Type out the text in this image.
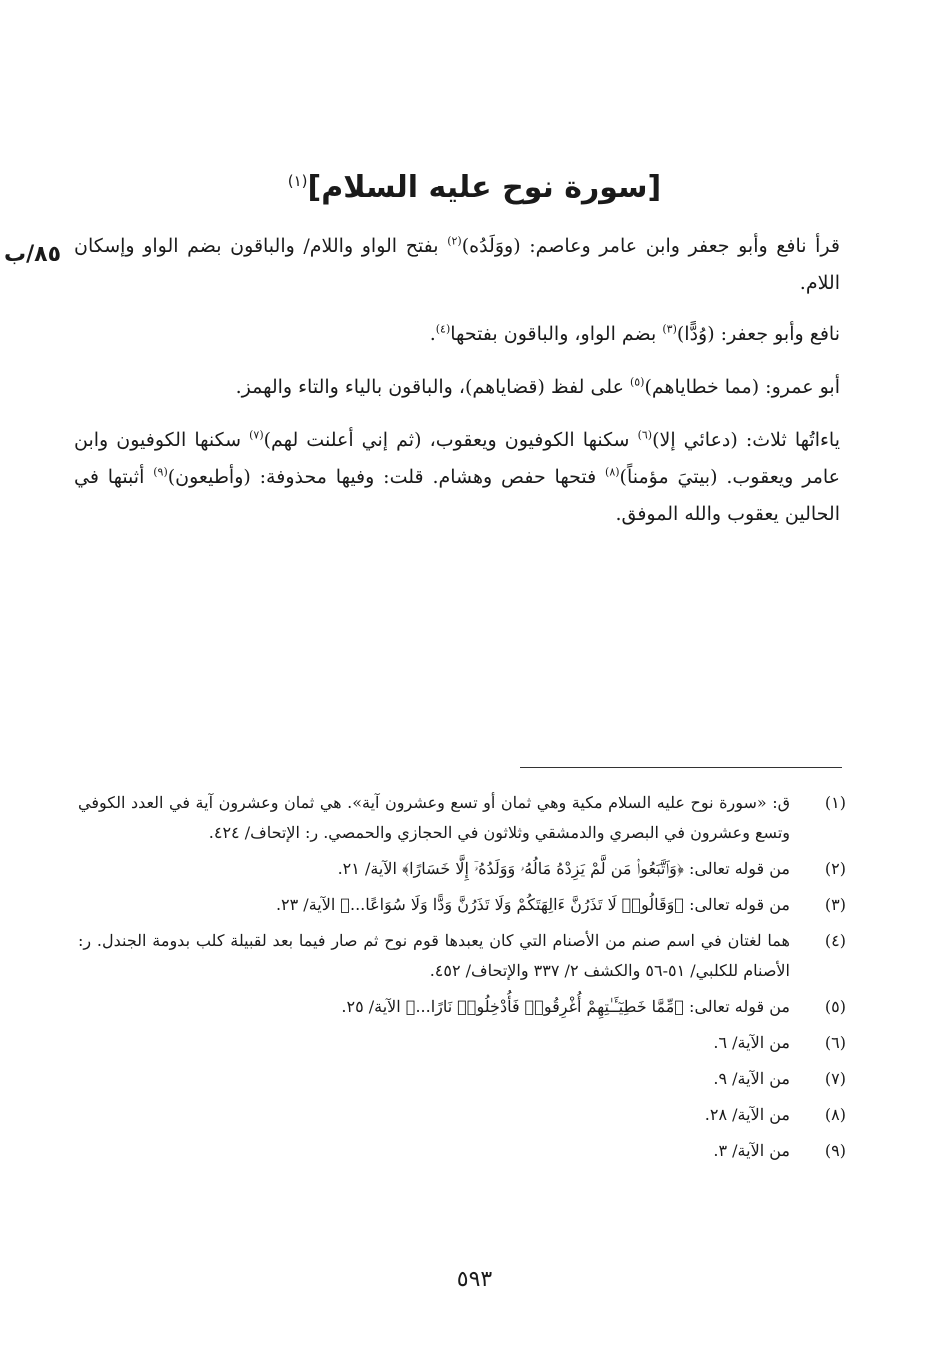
[سورة نوح عليه السلام]$^{(١)}$
٨٥/ب	قرأ نافع وأبو جعفر وابن عامر وعاصم: (ووَلَدُه)$^{(٢)}$ بفتح الواو واللام/ والباقون بضم الواو وإسكان اللام.

نافع وأبو جعفر: (وُدًّا)$^{(٣)}$ بضم الواو، والباقون بفتحها$^{(٤)}$.

أبو عمرو: (مما خطاياهم)$^{(٥)}$ على لفظ (قضاياهم)، والباقون بالياء والتاء والهمز.

ياءاتُها ثلاث: (دعائي إلا)$^{(٦)}$ سكنها الكوفيون ويعقوب، (ثم إني أعلنت لهم)$^{(٧)}$ سكنها الكوفيون وابن عامر ويعقوب. (بيتيَ مؤمناً)$^{(٨)}$ فتحها حفص وهشام. قلت: وفيها محذوفة: (وأطيعون)$^{(٩)}$ أثبتها في الحالين يعقوب والله الموفق.

(١)
ق: «سورة نوح عليه السلام مكية وهي ثمان أو تسع وعشرون آية». هي ثمان وعشرون آية في العدد الكوفي وتسع وعشرون في البصري والدمشقي وثلاثون في الحجازي والحمصي. ر: الإتحاف/ ٤٢٤.
(٢)
من قوله تعالى: ﴿وَٱتَّبَعُوا۟ مَن لَّمْ يَزِدْهُ مَالُهُۥ وَوَلَدُهُۥٓ إِلَّا خَسَارًا﴾ الآية/ ٢١.
(٣)
من قوله تعالى: ﴿وَقَالُوا۟ لَا تَذَرُنَّ ءَالِهَتَكُمْ وَلَا تَذَرُنَّ وَدًّا وَلَا سُوَاعًا...﴾ الآية/ ٢٣.
(٤)
هما لغتان في اسم صنم من الأصنام التي كان يعبدها قوم نوح ثم صار فيما بعد لقبيلة كلب بدومة الجندل. ر: الأصنام للكلبي/ ٥١-٥٦ والكشف ٢/ ٣٣٧ والإتحاف/ ٤٥٢.
(٥)
من قوله تعالى: ﴿مِّمَّا خَطِيٓـَٔـٰتِهِمْ أُغْرِقُوا۟ فَأُدْخِلُوا۟ نَارًا...﴾ الآية/ ٢٥.
(٦)
من الآية/ ٦.
(٧)
من الآية/ ٩.
(٨)
من الآية/ ٢٨.
(٩)
من الآية/ ٣.
٥٩٣
